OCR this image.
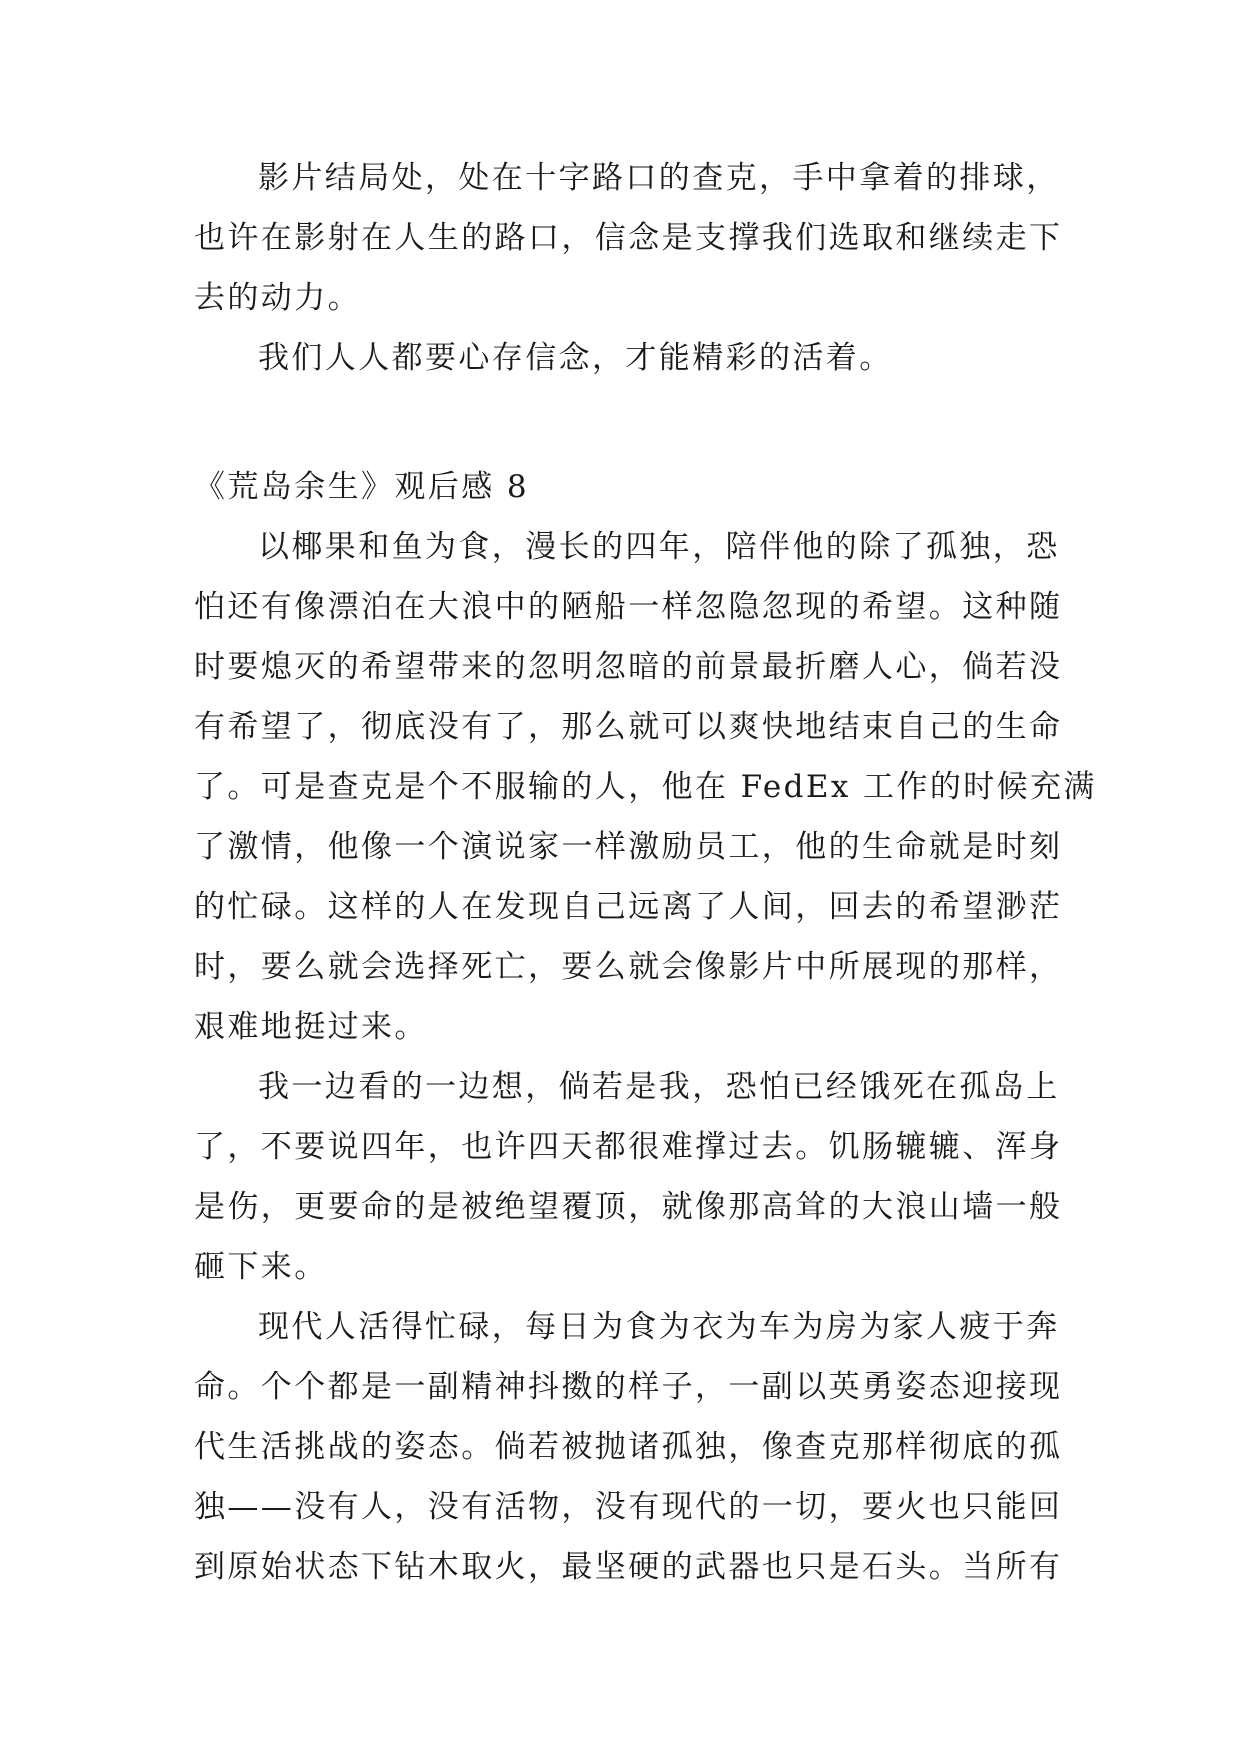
影片结局处，处在十字路口的查克，手中拿着的排球，
也许在影射在人生的路口，信念是支撑我们选取和继续走下
去的动力。
我们人人都要心存信念，才能精彩的活着。
《荒岛余生》观后感 8
以椰果和鱼为食，漫长的四年，陪伴他的除了孤独，恐
怕还有像漂泊在大浪中的陋船一样忽隐忽现的希望。这种随
时要熄灭的希望带来的忽明忽暗的前景最折磨人心，倘若没
有希望了，彻底没有了，那么就可以爽快地结束自己的生命
了。可是查克是个不服输的人，他在 FedEx 工作的时候充满
了激情，他像一个演说家一样激励员工，他的生命就是时刻
的忙碌。这样的人在发现自己远离了人间，回去的希望渺茫
时，要么就会选择死亡，要么就会像影片中所展现的那样，
艰难地挺过来。
我一边看的一边想，倘若是我，恐怕已经饿死在孤岛上
了，不要说四年，也许四天都很难撑过去。饥肠辘辘、浑身
是伤，更要命的是被绝望覆顶，就像那高耸的大浪山墙一般
砸下来。
现代人活得忙碌，每日为食为衣为车为房为家人疲于奔
命。个个都是一副精神抖擞的样子，一副以英勇姿态迎接现
代生活挑战的姿态。倘若被抛诸孤独，像查克那样彻底的孤
独——没有人，没有活物，没有现代的一切，要火也只能回
到原始状态下钻木取火，最坚硬的武器也只是石头。当所有
